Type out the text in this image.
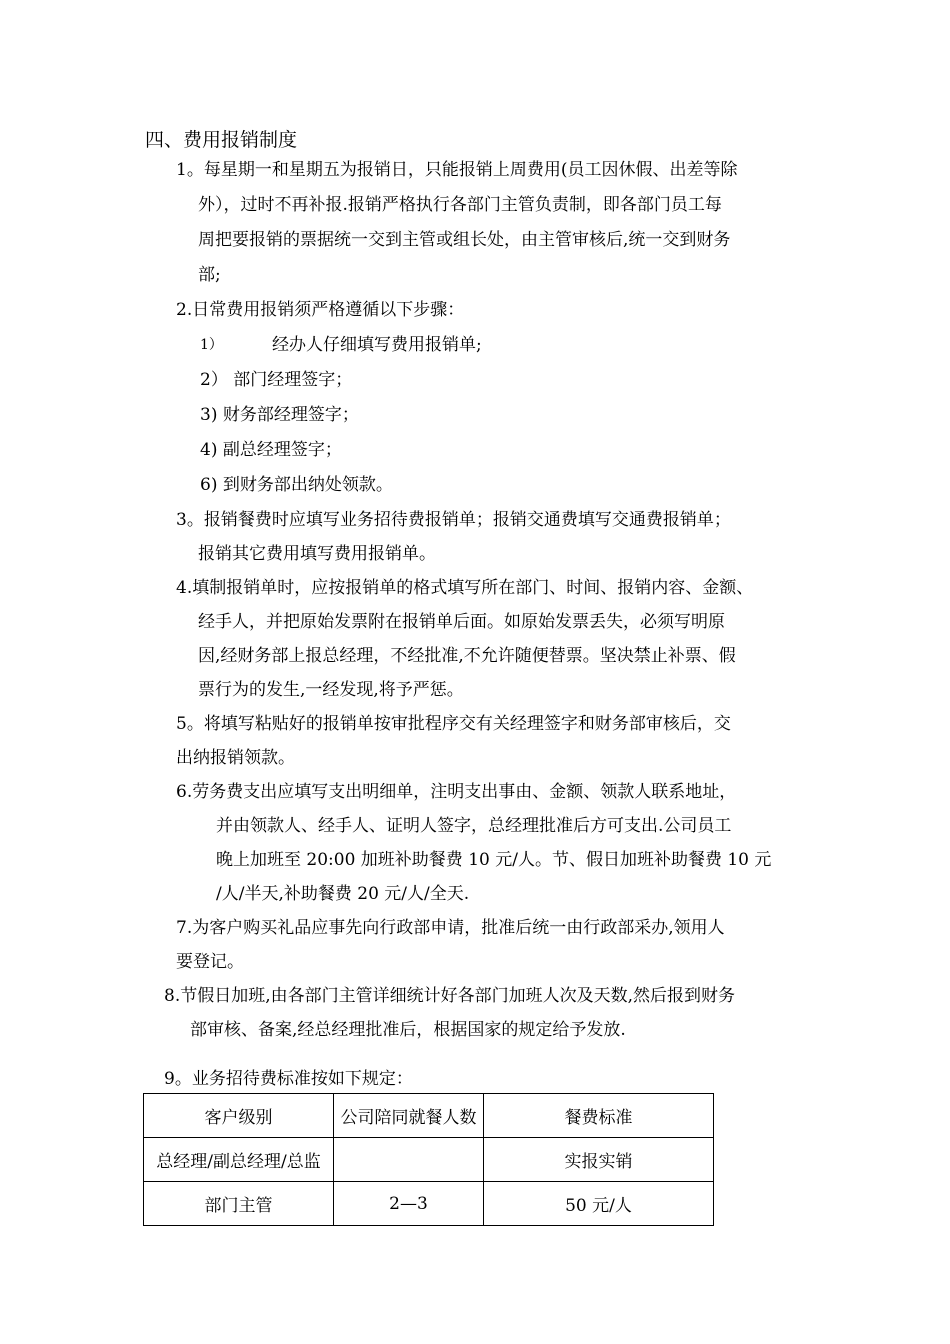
四、费用报销制度
1。每星期一和星期五为报销日，只能报销上周费用(员工因休假、出差等除
外），过时不再补报.报销严格执行各部门主管负责制，即各部门员工每
周把要报销的票据统一交到主管或组长处，由主管审核后,统一交到财务
部;
2.日常费用报销须严格遵循以下步骤：
1）	经办人仔细填写费用报销单;
2） 部门经理签字；
3) 财务部经理签字；
4) 副总经理签字；
6) 到财务部出纳处领款。
3。报销餐费时应填写业务招待费报销单；报销交通费填写交通费报销单；
报销其它费用填写费用报销单。
4.填制报销单时，应按报销单的格式填写所在部门、时间、报销内容、金额、
经手人，并把原始发票附在报销单后面。如原始发票丢失，必须写明原
因,经财务部上报总经理，不经批准,不允许随便替票。坚决禁止补票、假
票行为的发生,一经发现,将予严惩。
5。将填写粘贴好的报销单按审批程序交有关经理签字和财务部审核后，交
出纳报销领款。
6.劳务费支出应填写支出明细单，注明支出事由、金额、领款人联系地址，
并由领款人、经手人、证明人签字，总经理批准后方可支出.公司员工
晚上加班至 20:00 加班补助餐费 10 元/人。节、假日加班补助餐费 10 元
/人/半天,补助餐费 20 元/人/全天.
7.为客户购买礼品应事先向行政部申请，批准后统一由行政部采办,领用人
要登记。
8.节假日加班,由各部门主管详细统计好各部门加班人次及天数,然后报到财务
部审核、备案,经总经理批准后，根据国家的规定给予发放.
9。业务招待费标准按如下规定：
客户级别	公司陪同就餐人数	餐费标准
总经理/副总经理/总监		实报实销
部门主管	2—3	50 元/人
